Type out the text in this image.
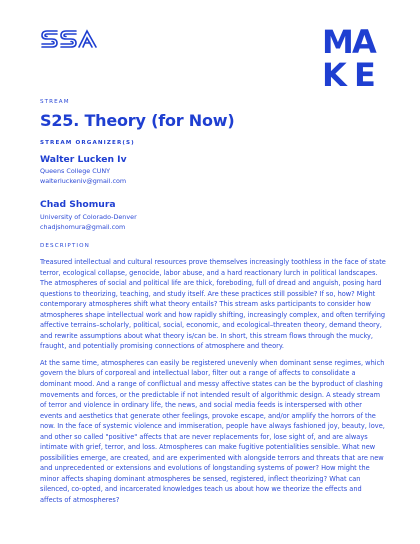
M
A
K E
STREAM
S25. Theory (for Now)
STREAM ORGANIZER(S)
Walter Lucken Iv
Queens College CUNY
walterluckeniv@gmail.com
Chad Shomura
University of Colorado-Denver
chadjshomura@gmail.com
DESCRIPTION

Treasured intellectual and cultural resources prove themselves increasingly toothless in the face of state terror, ecological collapse, genocide, labor abuse, and a hard reactionary lurch in political landscapes. The atmospheres of social and political life are thick, foreboding, full of dread and anguish, posing hard questions to theorizing, teaching, and study itself. Are these practices still possible? If so, how? Might contemporary atmospheres shift what theory entails? This stream asks participants to consider how atmospheres shape intellectual work and how rapidly shifting, increasingly complex, and often terrifying affective terrains–scholarly, political, social, economic, and ecological–threaten theory, demand theory, and rewrite assumptions about what theory is/can be. In short, this stream flows through the mucky, fraught, and potentially promising connections of atmosphere and theory.

At the same time, atmospheres can easily be registered unevenly when dominant sense regimes, which govern the blurs of corporeal and intellectual labor, filter out a range of affects to consolidate a dominant mood. And a range of conflictual and messy affective states can be the byproduct of clashing movements and forces, or the predictable if not intended result of algorithmic design. A steady stream of terror and violence in ordinary life, the news, and social media feeds is interspersed with other events and aesthetics that generate other feelings, provoke escape, and/or amplify the horrors of the now. In the face of systemic violence and immiseration, people have always fashioned joy, beauty, love, and other so called "positive" affects that are never replacements for, lose sight of, and are always intimate with grief, terror, and loss. Atmospheres can make fugitive potentialities sensible. What new possibilities emerge, are created, and are experimented with alongside terrors and threats that are new and unprecedented or extensions and evolutions of longstanding systems of power? How might the minor affects shaping dominant atmospheres be sensed, registered, inflect theorizing? What can silenced, co-opted, and incarcerated knowledges teach us about how we theorize the effects and affects of atmospheres?
